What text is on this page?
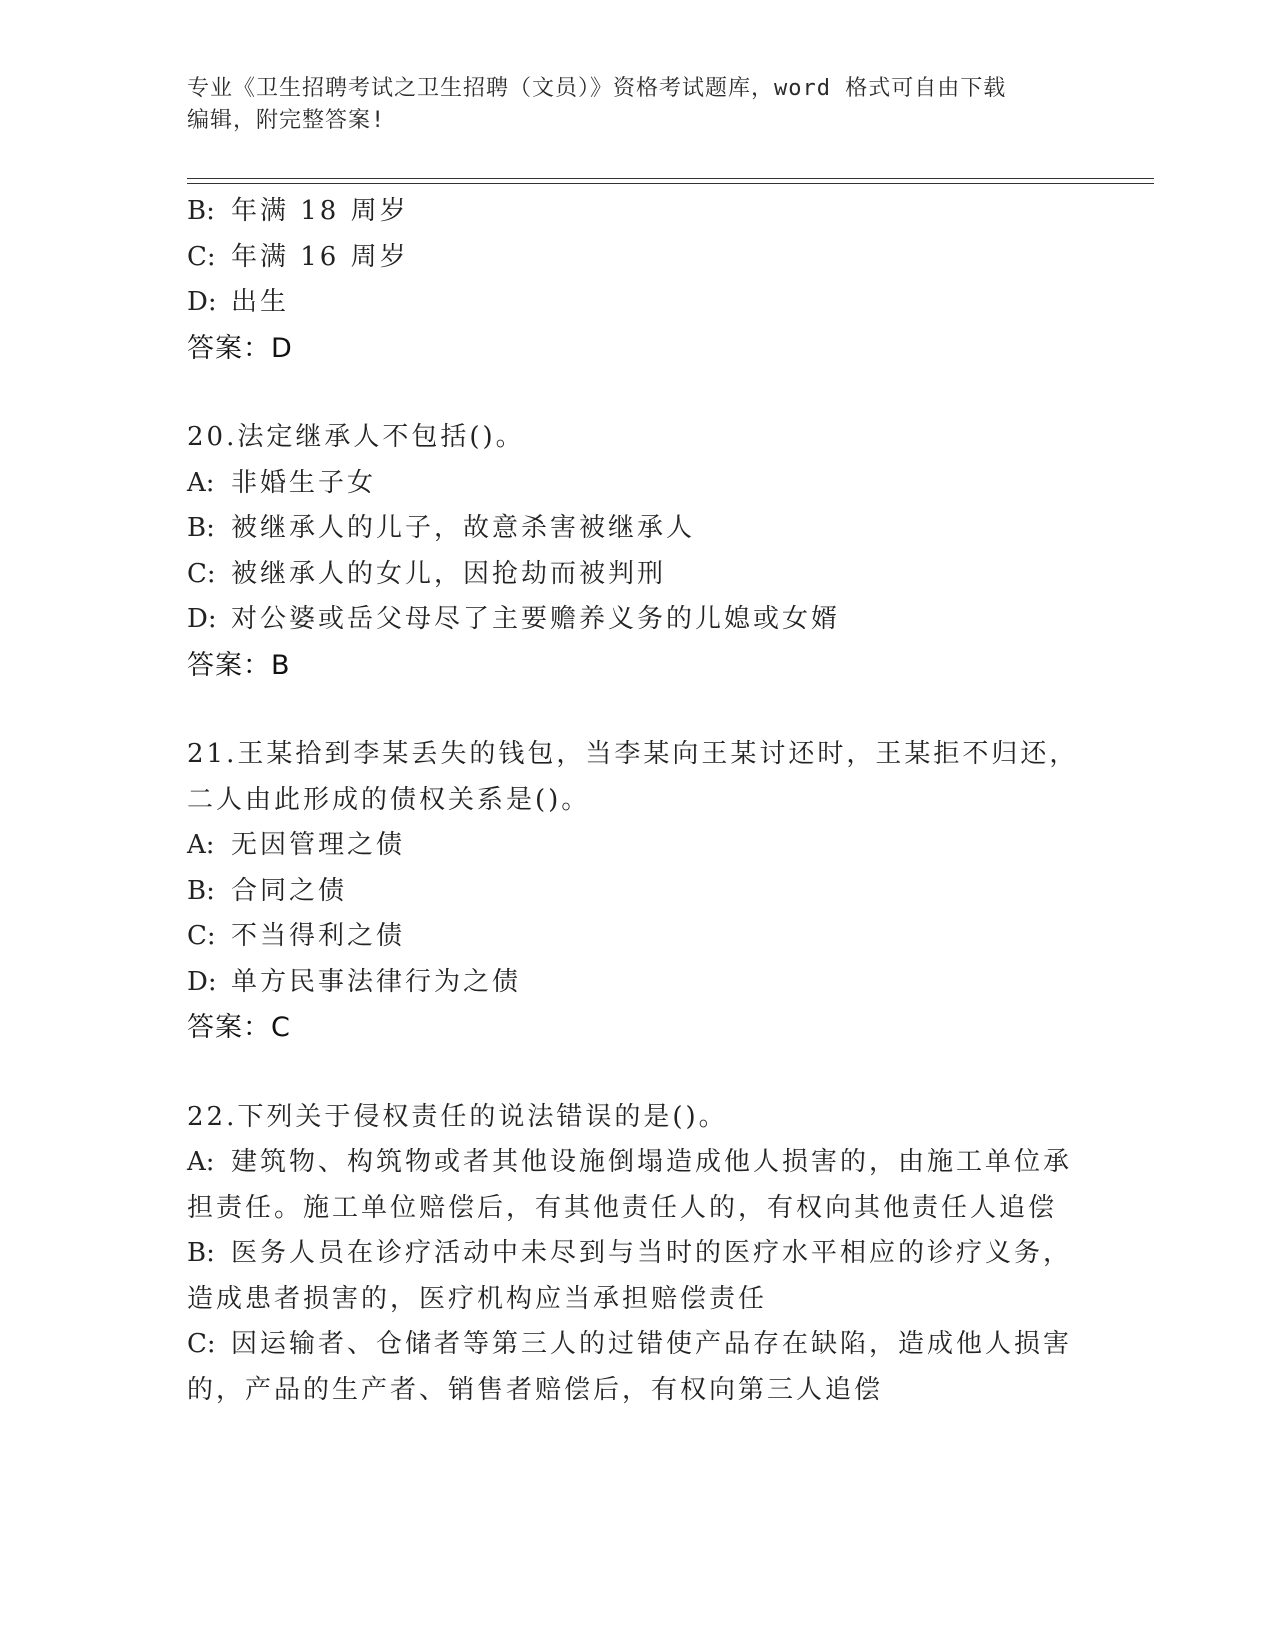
专业《卫生招聘考试之卫生招聘（文员）》资格考试题库，word 格式可自由下载
编辑，附完整答案!
B: 年满 18 周岁
C: 年满 16 周岁
D: 出生
答案：D
20.法定继承人不包括()。
A: 非婚生子女
B: 被继承人的儿子，故意杀害被继承人
C: 被继承人的女儿，因抢劫而被判刑
D: 对公婆或岳父母尽了主要赡养义务的儿媳或女婿
答案：B
21.王某拾到李某丢失的钱包，当李某向王某讨还时，王某拒不归还，
二人由此形成的债权关系是()。
A: 无因管理之债
B: 合同之债
C: 不当得利之债
D: 单方民事法律行为之债
答案：C
22.下列关于侵权责任的说法错误的是()。
A: 建筑物、构筑物或者其他设施倒塌造成他人损害的，由施工单位承
担责任。施工单位赔偿后，有其他责任人的，有权向其他责任人追偿
B: 医务人员在诊疗活动中未尽到与当时的医疗水平相应的诊疗义务，
造成患者损害的，医疗机构应当承担赔偿责任
C: 因运输者、仓储者等第三人的过错使产品存在缺陷，造成他人损害
的，产品的生产者、销售者赔偿后，有权向第三人追偿
